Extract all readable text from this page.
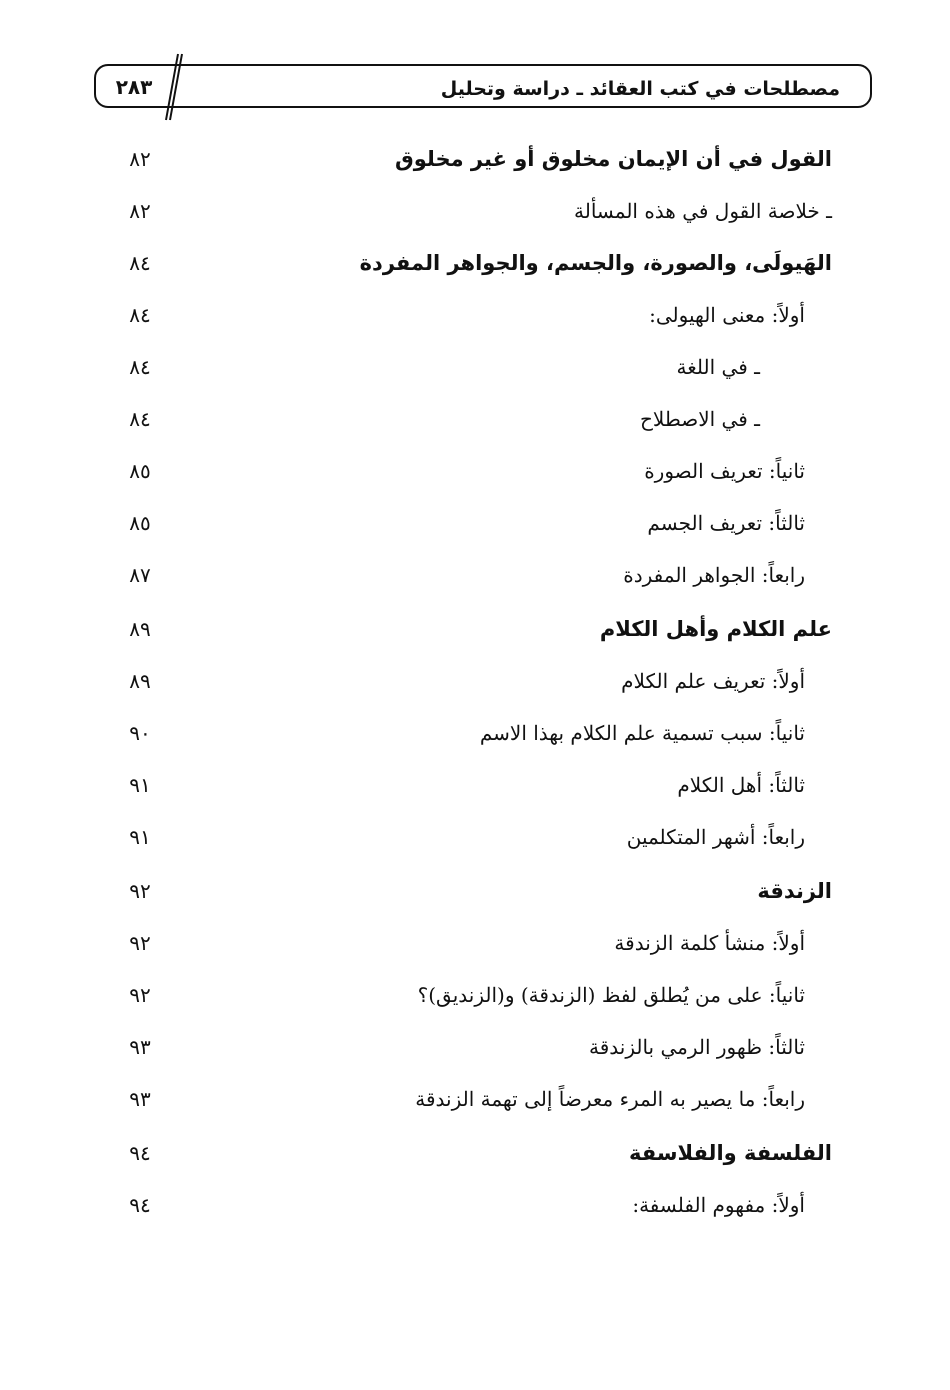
مصطلحات في كتب العقائد ـ دراسة وتحليل
٢٨٣
القول في أن الإيمان مخلوق أو غير مخلوق
٨٢
ـ خلاصة القول في هذه المسألة
٨٢
الهَيولَى، والصورة، والجسم، والجواهر المفردة
٨٤
أولاً: معنى الهيولى:
٨٤
ـ في اللغة
٨٤
ـ في الاصطلاح
٨٤
ثانياً: تعريف الصورة
٨٥
ثالثاً: تعريف الجسم
٨٥
رابعاً: الجواهر المفردة
٨٧
علم الكلام وأهل الكلام
٨٩
أولاً: تعريف علم الكلام
٨٩
ثانياً: سبب تسمية علم الكلام بهذا الاسم
٩٠
ثالثاً: أهل الكلام
٩١
رابعاً: أشهر المتكلمين
٩١
الزندقة
٩٢
أولاً: منشأ كلمة الزندقة
٩٢
ثانياً: على من يُطلق لفظ (الزندقة) و(الزنديق)؟
٩٢
ثالثاً: ظهور الرمي بالزندقة
٩٣
رابعاً: ما يصير به المرء معرضاً إلى تهمة الزندقة
٩٣
الفلسفة والفلاسفة
٩٤
أولاً: مفهوم الفلسفة:
٩٤
